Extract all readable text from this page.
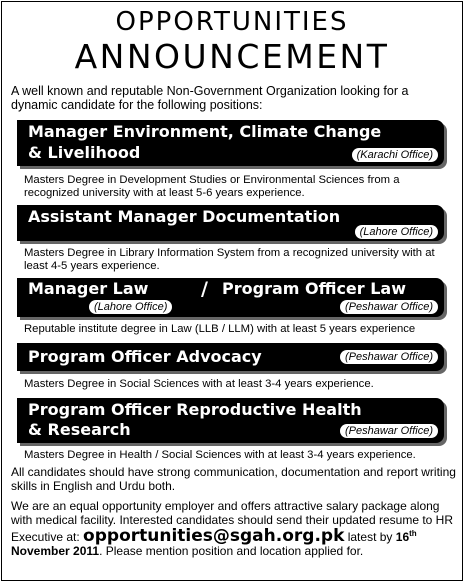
OPPORTUNITIES
ANNOUNCEMENT
A well known and reputable Non-Government Organization looking for a dynamic candidate for the following positions:
Manager Environment, Climate Change
& Livelihood	(Karachi Office)
Masters Degree in Development Studies or Environmental Sciences from a recognized university with at least 5-6 years experience.
Assistant Manager Documentation
(Lahore Office)
Masters Degree in Library Information System from a recognized university with at least 4-5 years experience.
Manager Law
(Lahore Office)
/ Program Officer Law
(Peshawar Office)
Reputable institute degree in Law (LLB / LLM) with at least 5 years experience
Program Officer Advocacy	(Peshawar Office)
Masters Degree in Social Sciences with at least 3-4 years experience.
Program Officer Reproductive Health
& Research	(Peshawar Office)
Masters Degree in Health / Social Sciences with at least 3-4 years experience.
All candidates should have strong communication, documentation and report writing skills in English and Urdu both.
We are an equal opportunity employer and offers attractive salary package along with medical facility. Interested candidates should send their updated resume to HR Executive at: opportunities@sgah.org.pk latest by 16th November 2011. Please mention position and location applied for.
